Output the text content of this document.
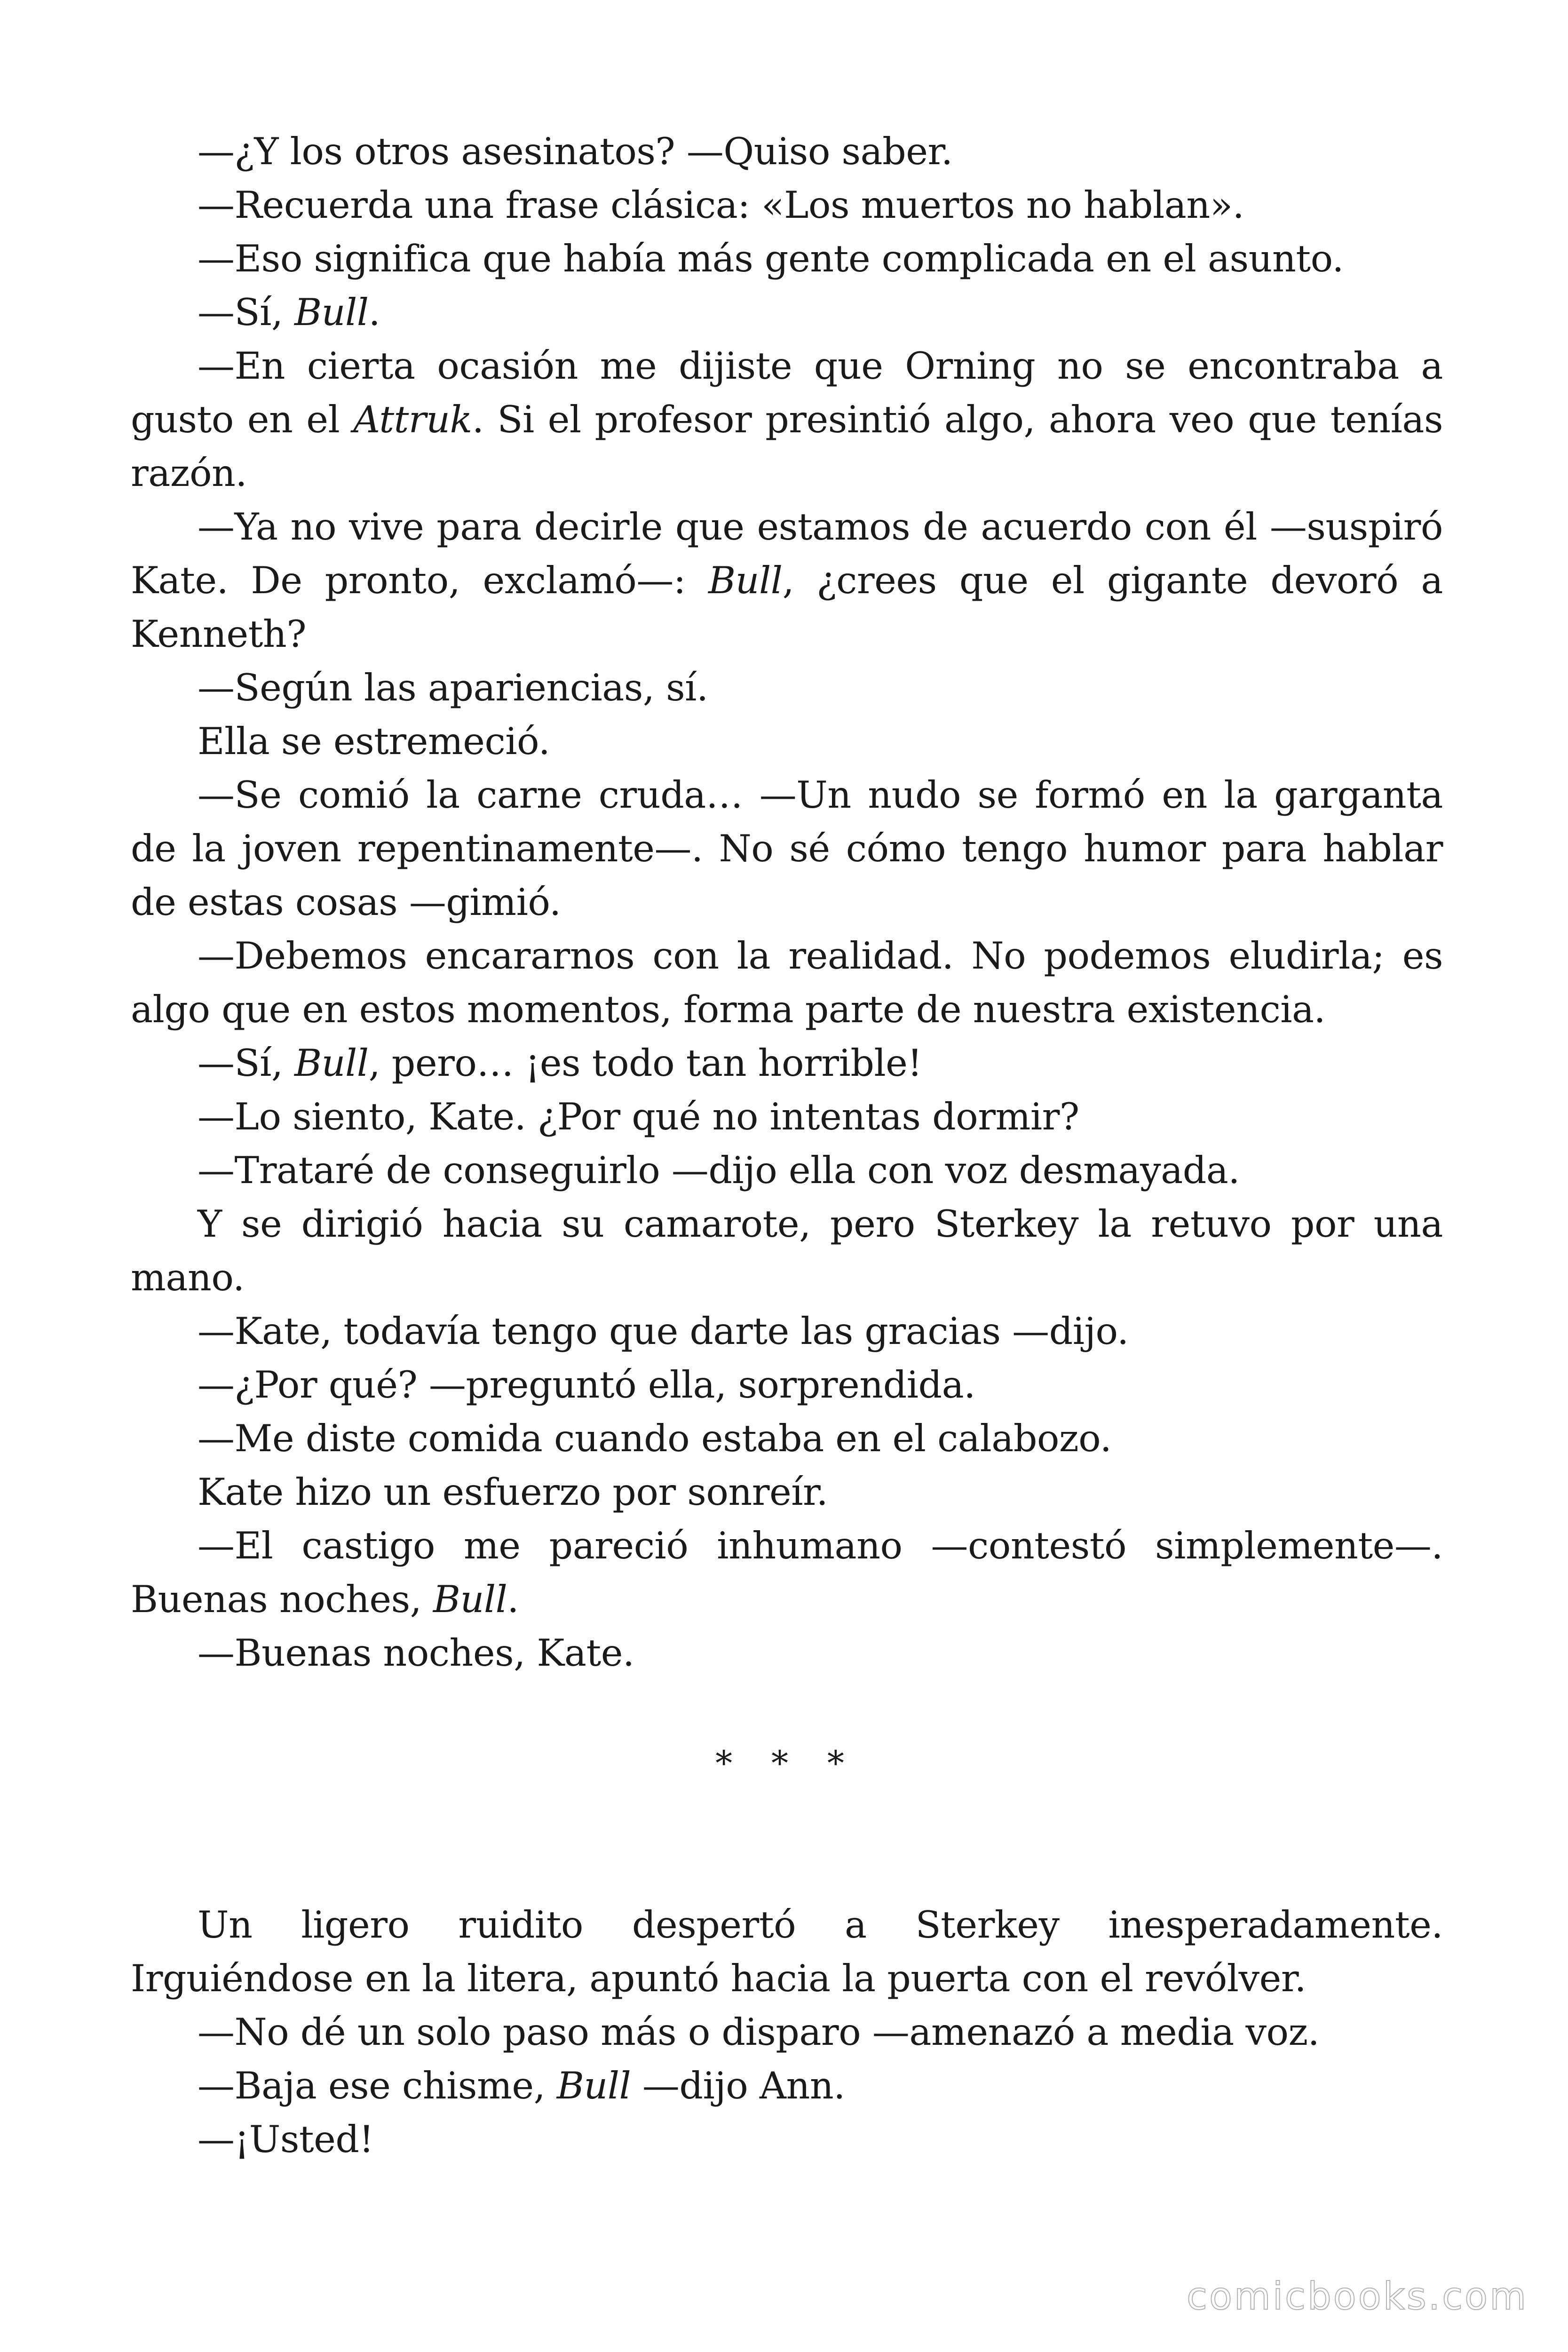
—¿Y los otros asesinatos? —Quiso saber.

—Recuerda una frase clásica: «Los muertos no hablan».

—Eso significa que había más gente complicada en el asunto.

—Sí, Bull.

—En cierta ocasión me dijiste que Orning no se encontraba a gusto en el Attruk. Si el profesor presintió algo, ahora veo que tenías razón.

—Ya no vive para decirle que estamos de acuerdo con él —suspiró Kate. De pronto, exclamó—: Bull, ¿crees que el gigante devoró a Kenneth?

—Según las apariencias, sí.

Ella se estremeció.

—Se comió la carne cruda… —Un nudo se formó en la garganta de la joven repentinamente—. No sé cómo tengo humor para hablar de estas cosas —gimió.

—Debemos encararnos con la realidad. No podemos eludirla; es algo que en estos momentos, forma parte de nuestra existencia.

—Sí, Bull, pero… ¡es todo tan horrible!

—Lo siento, Kate. ¿Por qué no intentas dormir?

—Trataré de conseguirlo —dijo ella con voz desmayada.

Y se dirigió hacia su camarote, pero Sterkey la retuvo por una mano.

—Kate, todavía tengo que darte las gracias —dijo.

—¿Por qué? —preguntó ella, sorprendida.

—Me diste comida cuando estaba en el calabozo.

Kate hizo un esfuerzo por sonreír.

—El castigo me pareció inhumano —contestó simplemente—. Buenas noches, Bull.

—Buenas noches, Kate.

* * *

Un ligero ruidito despertó a Sterkey inesperadamente. Irguiéndose en la litera, apuntó hacia la puerta con el revólver.

—No dé un solo paso más o disparo —amenazó a media voz.

—Baja ese chisme, Bull —dijo Ann.

—¡Usted!

comicbooks.com
